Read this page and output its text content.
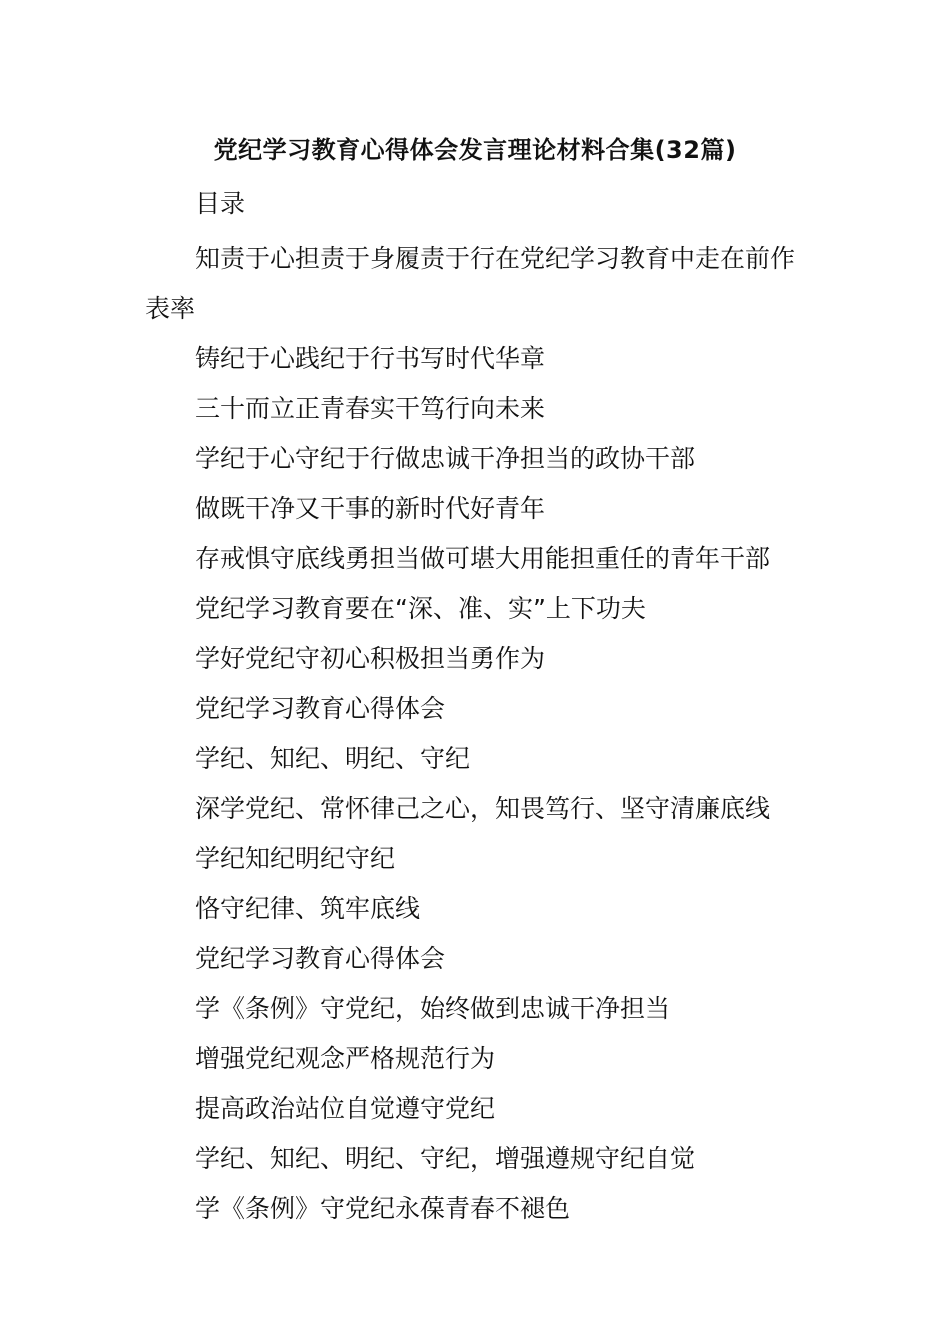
党纪学习教育心得体会发言理论材料合集(32篇)
目录
知责于心担责于身履责于行在党纪学习教育中走在前作表率
铸纪于心践纪于行书写时代华章
三十而立正青春实干笃行向未来
学纪于心守纪于行做忠诚干净担当的政协干部
做既干净又干事的新时代好青年
存戒惧守底线勇担当做可堪大用能担重任的青年干部
党纪学习教育要在“深、准、实”上下功夫
学好党纪守初心积极担当勇作为
党纪学习教育心得体会
学纪、知纪、明纪、守纪
深学党纪、常怀律己之心，知畏笃行、坚守清廉底线
学纪知纪明纪守纪
恪守纪律、筑牢底线
党纪学习教育心得体会
学《条例》守党纪，始终做到忠诚干净担当
增强党纪观念严格规范行为
提高政治站位自觉遵守党纪
学纪、知纪、明纪、守纪，增强遵规守纪自觉
学《条例》守党纪永葆青春不褪色
